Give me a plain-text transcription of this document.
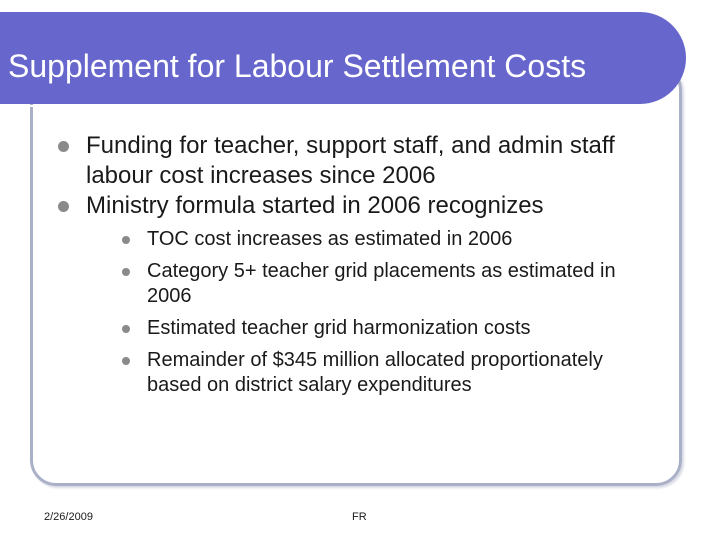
Supplement for Labour Settlement Costs
Funding for teacher, support staff, and admin staff labour cost increases since 2006
Ministry formula started in 2006 recognizes
TOC cost increases as estimated in 2006
Category 5+ teacher grid placements as estimated in 2006
Estimated teacher grid harmonization costs
Remainder of $345 million allocated proportionately based on district salary expenditures
2/26/2009	FR
